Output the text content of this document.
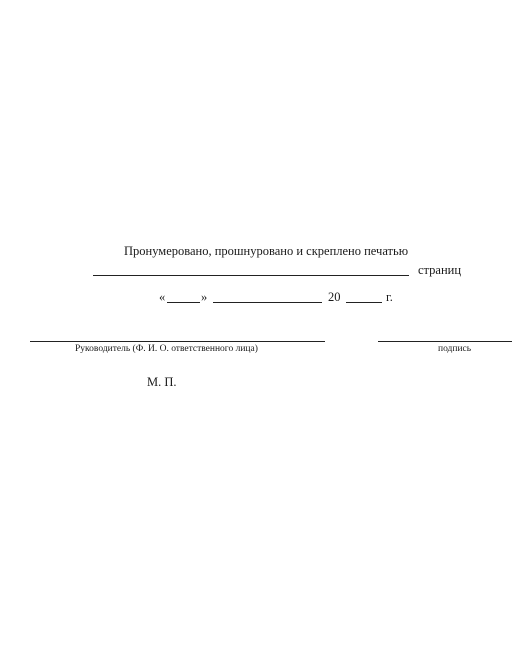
Пронумеровано, прошнуровано и скреплено печатью
страниц
«	»	20	г.
Руководитель (Ф. И. О. ответственного лица)	подпись
М. П.
